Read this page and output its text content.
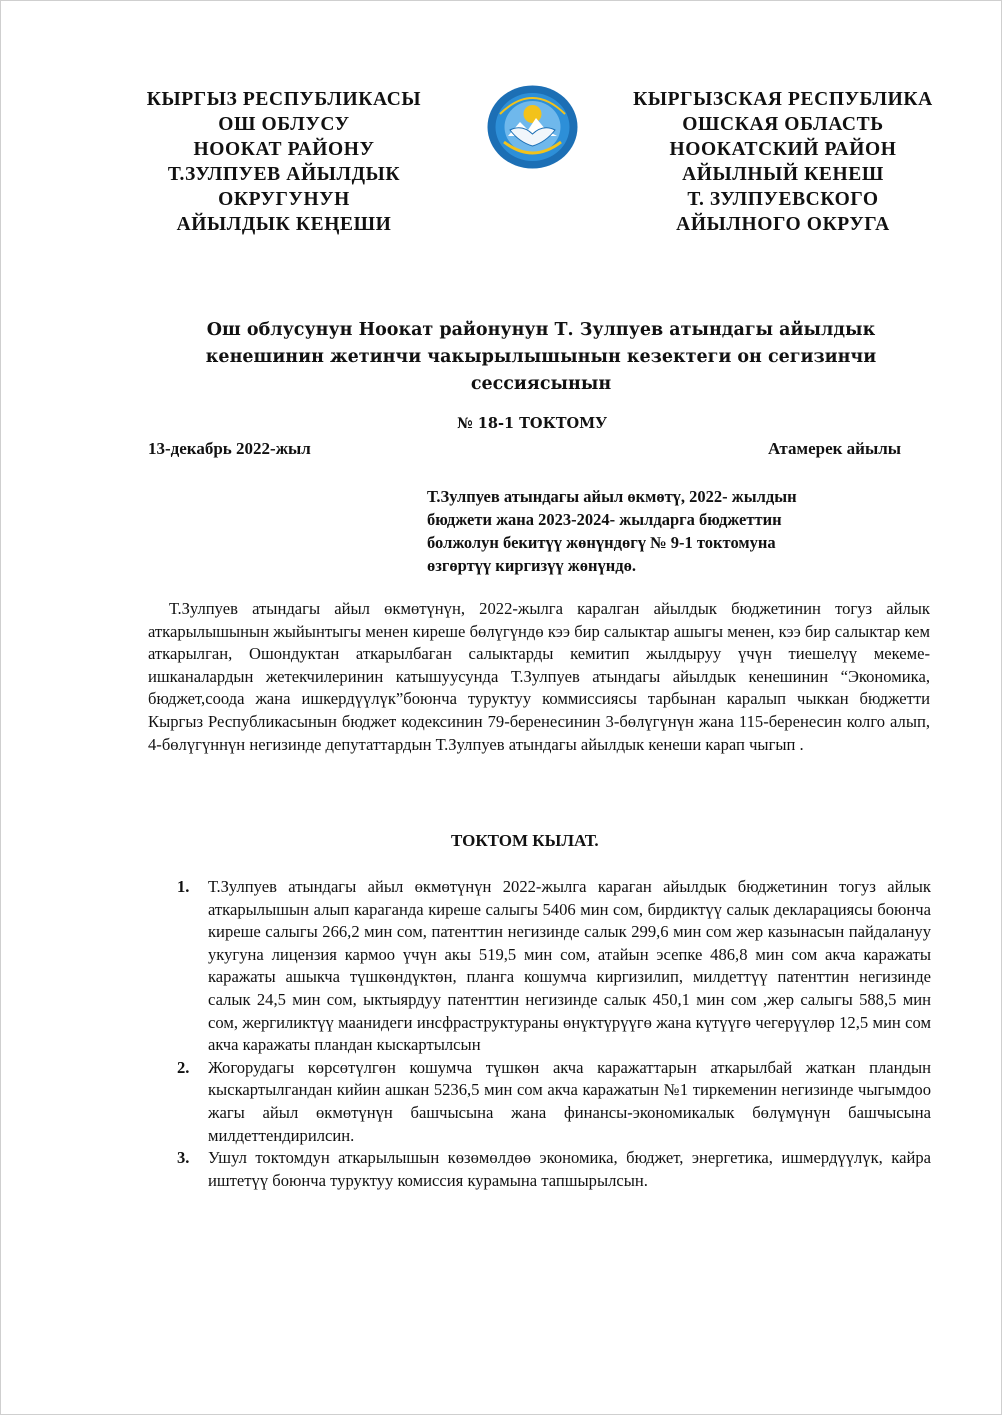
КЫРГЫЗ РЕСПУБЛИКАСЫ
ОШ ОБЛУСУ
НООКАТ РАЙОНУ
Т.ЗУЛПУЕВ АЙЫЛДЫК
ОКРУГУНУН
АЙЫЛДЫК КЕҢЕШИ
КЫРГЫЗСКАЯ РЕСПУБЛИКА
ОШСКАЯ ОБЛАСТЬ
НООКАТСКИЙ РАЙОН
АЙЫЛНЫЙ КЕНЕШ
Т. ЗУЛПУЕВСКОГО
АЙЫЛНОГО ОКРУГА
Ош облусунун Ноокат районунун Т. Зулпуев атындагы айылдык
кенешинин жетинчи чакырылышынын кезектеги он сегизинчи
сессиясынын
№ 18-1 ТОКТОМУ
13-декабрь 2022-жыл	Атамерек айылы
Т.Зулпуев атындагы айыл өкмөтү, 2022- жылдын
бюджети жана 2023-2024- жылдарга бюджеттин
болжолун бекитүү жөнүндөгү № 9-1 токтомуна
өзгөртүү киргизүү жөнүндө.

Т.Зулпуев атындагы айыл өкмөтүнүн, 2022-жылга каралган айылдык бюджетинин тогуз айлык аткарылышынын жыйынтыгы менен киреше бөлүгүндө кээ бир салыктар ашыгы менен, кээ бир салыктар кем аткарылган, Ошондуктан аткарылбаган салыктарды кемитип жылдыруу үчүн тиешелүү мекеме-ишканалардын жетекчилеринин катышуусунда Т.Зулпуев атындагы айылдык кенешинин “Экономика, бюджет,соода жана ишкердүүлүк”боюнча туруктуу коммиссиясы тарбынан каралып чыккан бюджетти Кыргыз Республикасынын бюджет кодексинин 79-беренесинин 3-бөлүгүнүн жана 115-беренесин колго алып, 4-бөлүгүннүн негизинде депутаттардын Т.Зулпуев атындагы айылдык кенеши карап чыгып .

ТОКТОМ КЫЛАТ.
1. Т.Зулпуев атындагы айыл өкмөтүнүн 2022-жылга караган айылдык бюджетинин тогуз айлык аткарылышын алып караганда киреше салыгы 5406 мин сом, бирдиктүү салык декларациясы боюнча киреше салыгы 266,2 мин сом, патенттин негизинде салык 299,6 мин сом жер казынасын пайдалануу укугуна лицензия кармоо үчүн акы 519,5 мин сом, атайын эсепке 486,8 мин сом акча каражаты каражаты ашыкча түшкөндүктөн, планга кошумча киргизилип, милдеттүү патенттин негизинде салык 24,5 мин сом, ыктыярдуу патенттин негизинде салык 450,1 мин сом ,жер салыгы 588,5 мин сом, жергиликтүү маанидеги инсфраструктураны өнүктүрүүгө жана күтүүгө чегерүүлөр 12,5 мин сом акча каражаты пландан кыскартылсын
2. Жогорудагы көрсөтүлгөн кошумча түшкөн акча каражаттарын аткарылбай жаткан пландын кыскартылгандан кийин ашкан 5236,5 мин сом акча каражатын №1 тиркеменин негизинде чыгымдоо жагы айыл өкмөтүнүн башчысына жана финансы-экономикалык бөлүмүнүн башчысына милдеттендирилсин.
3. Ушул токтомдун аткарылышын көзөмөлдөө экономика, бюджет, энергетика, ишмердүүлүк, кайра иштетүү боюнча туруктуу комиссия курамына тапшырылсын.
